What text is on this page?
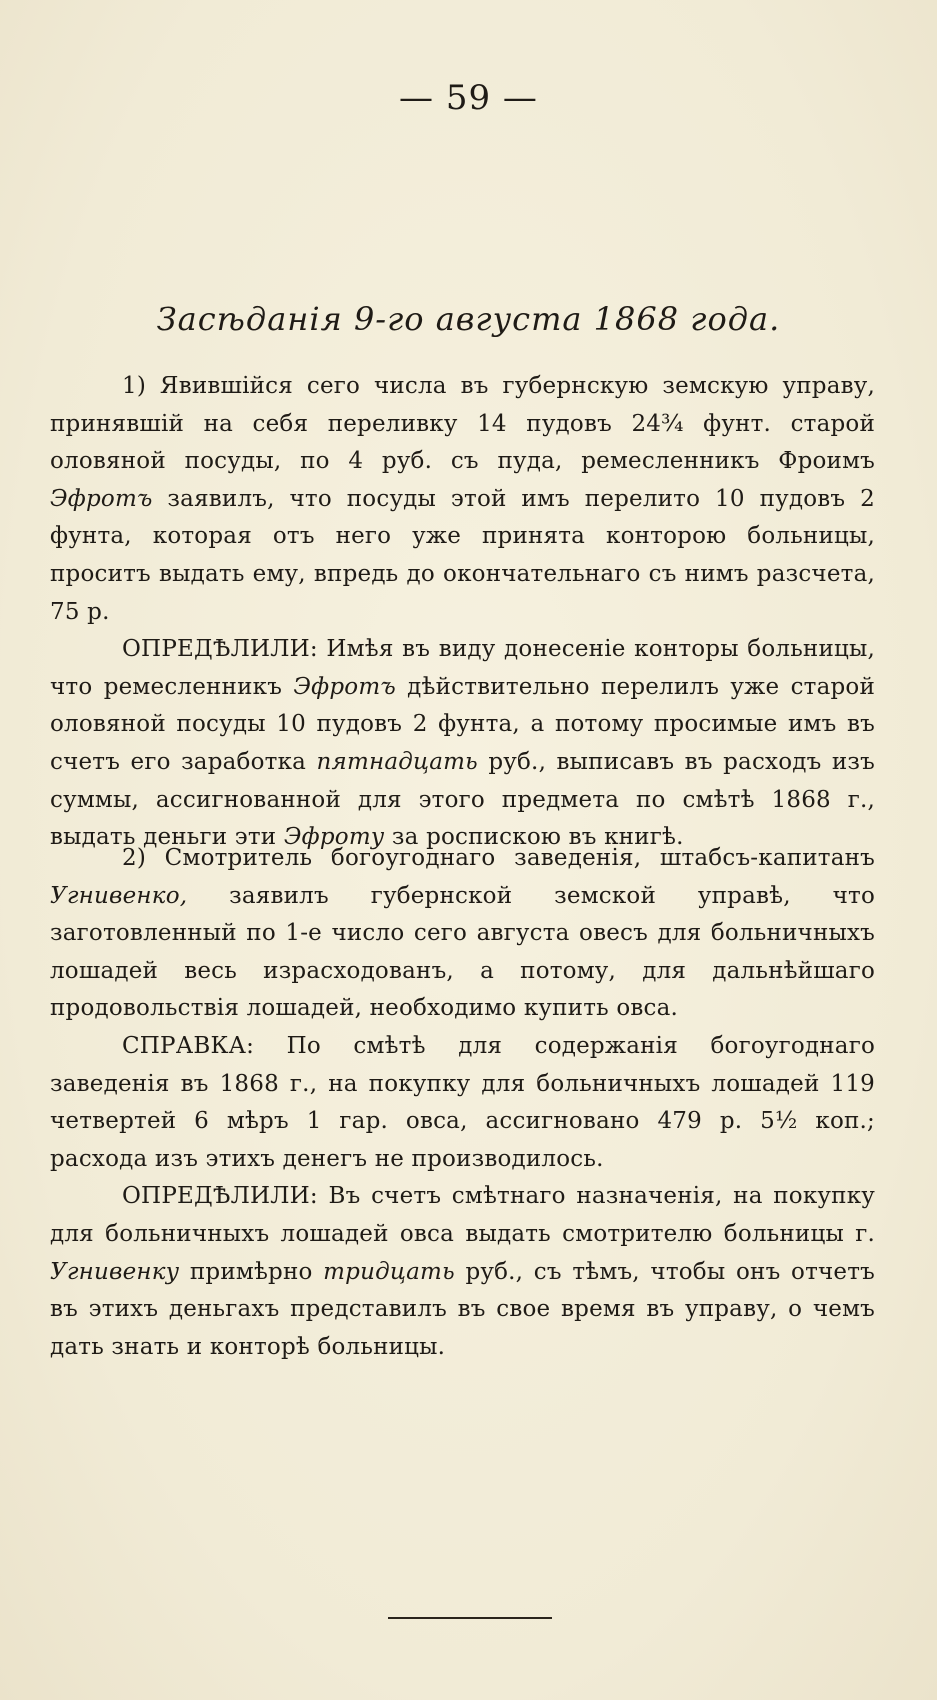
— 59 —
Засѣданія 9-го августа 1868 года.

1) Явившійся сего числа въ губернскую земскую управу, принявшій на себя переливку 14 пудовъ 24¾ фунт. старой оловяной посуды, по 4 руб. съ пуда, ремесленникъ Фроимъ Эфротъ заявилъ, что посуды этой имъ перелито 10 пудовъ 2 фунта, которая отъ него уже принята конторою больницы, проситъ выдать ему, впредь до окончательнаго съ нимъ разсчета, 75 р.

ОПРЕДѢЛИЛИ: Имѣя въ виду донесеніе конторы больницы, что ремесленникъ Эфротъ дѣйствительно перелилъ уже старой оловяной посуды 10 пудовъ 2 фунта, а потому просимые имъ въ счетъ его заработка пятнадцать руб., выписавъ въ расходъ изъ суммы, ассигнованной для этого предмета по смѣтѣ 1868 г., выдать деньги эти Эфроту за роспискою въ книгѣ.

2) Смотритель богоугоднаго заведенія, штабсъ-капитанъ Угнивенко, заявилъ губернской земской управѣ, что заготовленный по 1-е число сего августа овесъ для больничныхъ лошадей весь израсходованъ, а потому, для дальнѣйшаго продовольствія лошадей, необходимо купить овса.

СПРАВКА: По смѣтѣ для содержанія богоугоднаго заведенія въ 1868 г., на покупку для больничныхъ лошадей 119 четвертей 6 мѣръ 1 гар. овса, ассигновано 479 р. 5½ коп.; расхода изъ этихъ денегъ не производилось.

ОПРЕДѢЛИЛИ: Въ счетъ смѣтнаго назначенія, на покупку для больничныхъ лошадей овса выдать смотрителю больницы г. Угнивенку примѣрно тридцать руб., съ тѣмъ, чтобы онъ отчетъ въ этихъ деньгахъ представилъ въ свое время въ управу, о чемъ дать знать и конторѣ больницы.
